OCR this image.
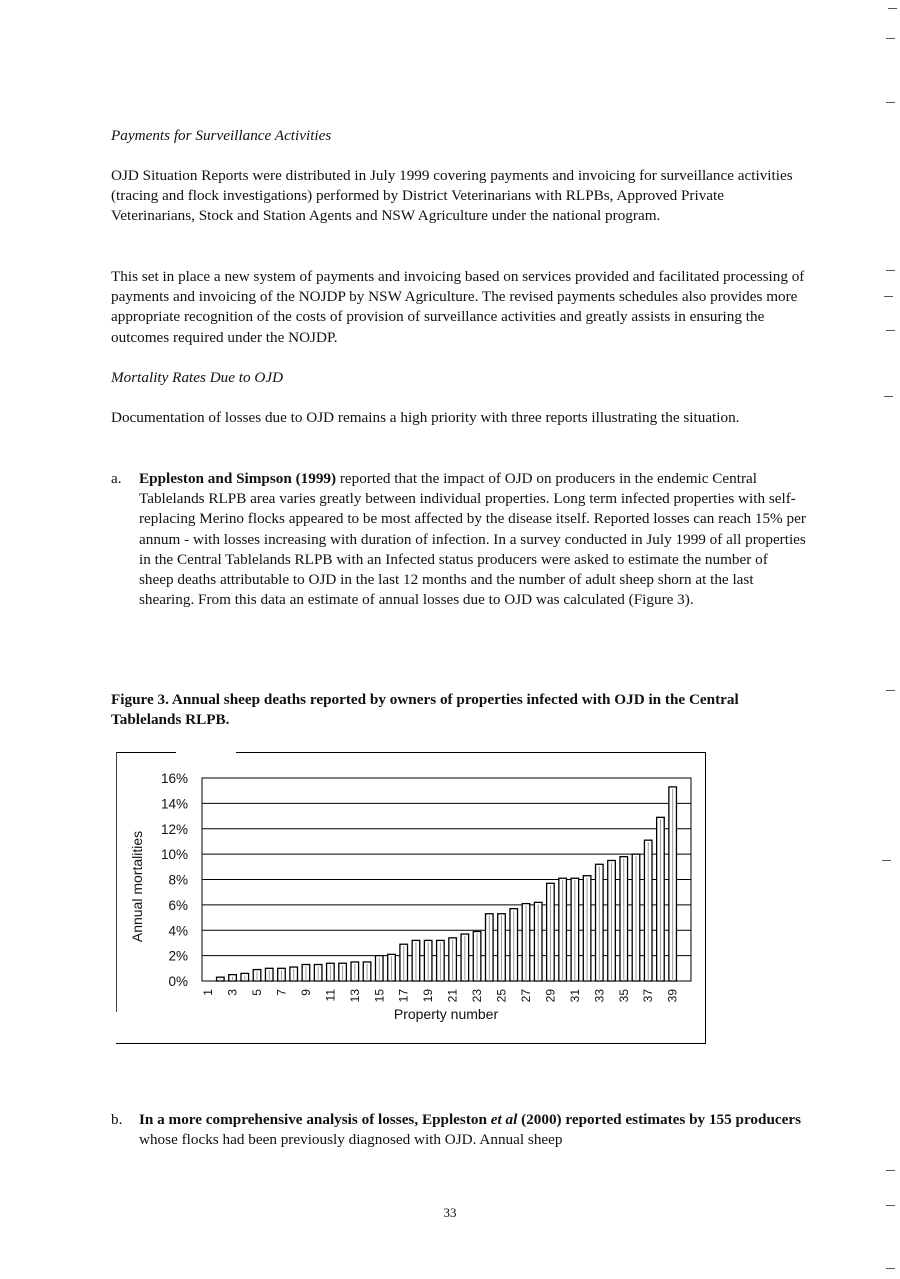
Payments for Surveillance Activities

OJD Situation Reports were distributed in July 1999 covering payments and invoicing for surveillance activities (tracing and flock investigations) performed by District Veterinarians with RLPBs, Approved Private Veterinarians, Stock and Station Agents and NSW Agriculture under the national program.

This set in place a new system of payments and invoicing based on services provided and facilitated processing of payments and invoicing of the NOJDP by NSW Agriculture. The revised payments schedules also provides more appropriate recognition of the costs of provision of surveillance activities and greatly assists in ensuring the outcomes required under the NOJDP.

Mortality Rates Due to OJD

Documentation of losses due to OJD remains a high priority with three reports illustrating the situation.

a. Eppleston and Simpson (1999) reported that the impact of OJD on producers in the endemic Central Tablelands RLPB area varies greatly between individual properties. Long term infected properties with self-replacing Merino flocks appeared to be most affected by the disease itself. Reported losses can reach 15% per annum - with losses increasing with duration of infection. In a survey conducted in July 1999 of all properties in the Central Tablelands RLPB with an Infected status producers were asked to estimate the number of sheep deaths attributable to OJD in the last 12 months and the number of adult sheep shorn at the last shearing. From this data an estimate of annual losses due to OJD was calculated (Figure 3).

Figure 3. Annual sheep deaths reported by owners of properties infected with OJD in the Central Tablelands RLPB.

0%
2%
4%
6%
8%
10%
12%
14%
16%
1 3 5 7 9 11 13 15 17 19 21 23 25 27 29 31 33 35 37 39
Property number
Annual mortalities
b. In a more comprehensive analysis of losses, Eppleston et al (2000) reported estimates by 155 producers whose flocks had been previously diagnosed with OJD. Annual sheep
33
